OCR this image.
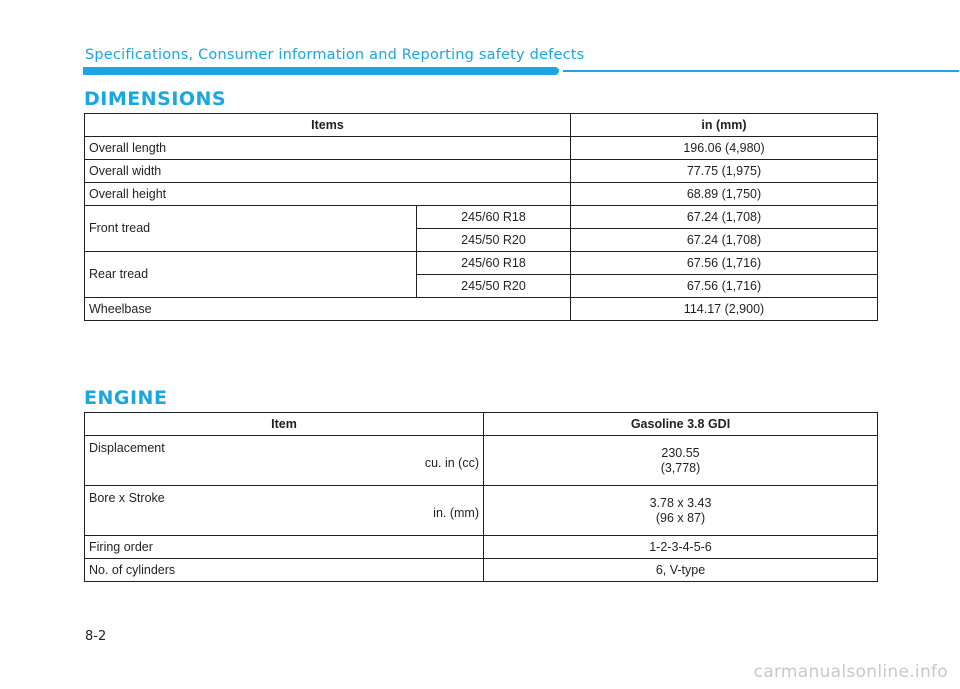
Specifications, Consumer information and Reporting safety defects
DIMENSIONS
Items		in (mm)
Overall length		196.06 (4,980)
Overall width		77.75 (1,975)
Overall height		68.89 (1,750)
Front tread	245/60 R18	67.24 (1,708)
	245/50 R20	67.24 (1,708)
Rear tread	245/60 R18	67.56 (1,716)
	245/50 R20	67.56 (1,716)
Wheelbase		114.17 (2,900)
ENGINE
Item	Gasoline 3.8 GDI
Displacement
cu. in (cc)	230.55
(3,778)

Bore x Stroke
in. (mm)	3.78 x 3.43
(96 x 87)

Firing order	1-2-3-4-5-6
No. of cylinders	6, V-type
8-2
carmanualsonline.info
